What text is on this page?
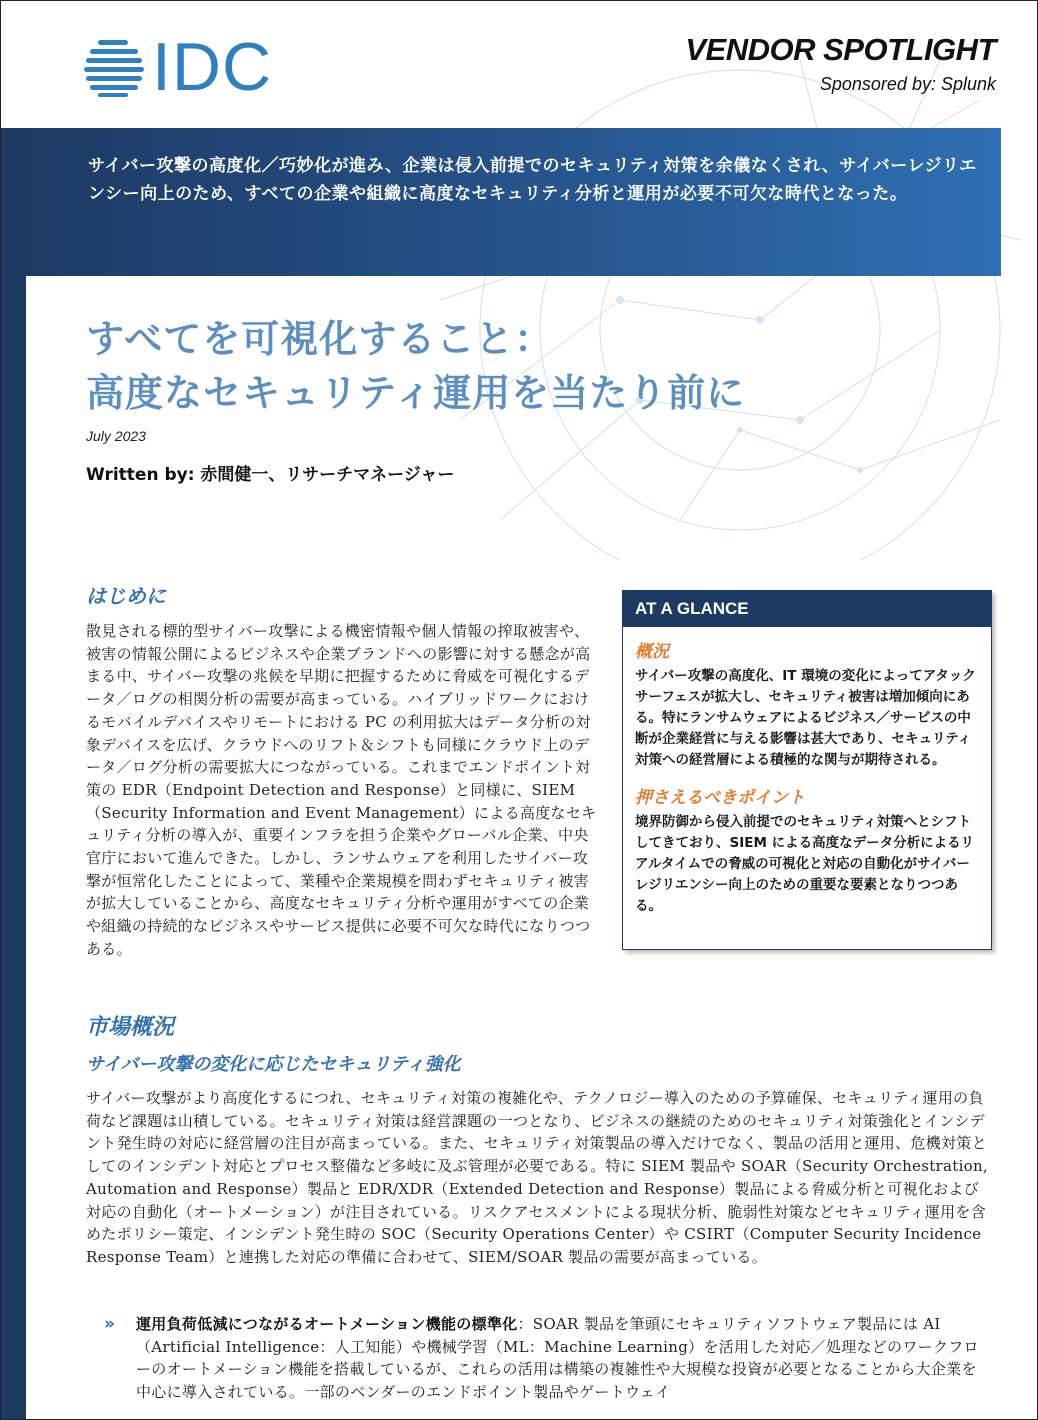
IDC	VENDOR SPOTLIGHT
Sponsored by: Splunk
サイバー攻撃の高度化／巧妙化が進み、企業は侵入前提でのセキュリティ対策を余儀なくされ、サイバーレジリエンシー向上のため、すべての企業や組織に高度なセキュリティ分析と運用が必要不可欠な時代となった。
すべてを可視化すること：
高度なセキュリティ運用を当たり前に
July 2023
Written by: 赤間健一、リサーチマネージャー
はじめに
散見される標的型サイバー攻撃による機密情報や個人情報の搾取被害や、被害の情報公開によるビジネスや企業ブランドへの影響に対する懸念が高まる中、サイバー攻撃の兆候を早期に把握するために脅威を可視化するデータ／ログの相関分析の需要が高まっている。ハイブリッドワークにおけるモバイルデバイスやリモートにおける PC の利用拡大はデータ分析の対象デバイスを広げ、クラウドへのリフト＆シフトも同様にクラウド上のデータ／ログ分析の需要拡大につながっている。これまでエンドポイント対策の EDR（Endpoint Detection and Response）と同様に、SIEM（Security Information and Event Management）による高度なセキュリティ分析の導入が、重要インフラを担う企業やグローバル企業、中央官庁において進んできた。しかし、ランサムウェアを利用したサイバー攻撃が恒常化したことによって、業種や企業規模を問わずセキュリティ被害が拡大していることから、高度なセキュリティ分析や運用がすべての企業や組織の持続的なビジネスやサービス提供に必要不可欠な時代になりつつある。
AT A GLANCE
概況
サイバー攻撃の高度化、IT 環境の変化によってアタックサーフェスが拡大し、セキュリティ被害は増加傾向にある。特にランサムウェアによるビジネス／サービスの中断が企業経営に与える影響は甚大であり、セキュリティ対策への経営層による積極的な関与が期待される。
押さえるべきポイント
境界防御から侵入前提でのセキュリティ対策へとシフトしてきており、SIEM による高度なデータ分析によるリアルタイムでの脅威の可視化と対応の自動化がサイバーレジリエンシー向上のための重要な要素となりつつある。
市場概況
サイバー攻撃の変化に応じたセキュリティ強化
サイバー攻撃がより高度化するにつれ、セキュリティ対策の複雑化や、テクノロジー導入のための予算確保、セキュリティ運用の負荷など課題は山積している。セキュリティ対策は経営課題の一つとなり、ビジネスの継続のためのセキュリティ対策強化とインシデント発生時の対応に経営層の注目が高まっている。また、セキュリティ対策製品の導入だけでなく、製品の活用と運用、危機対策としてのインシデント対応とプロセス整備など多岐に及ぶ管理が必要である。特に SIEM 製品や SOAR（Security Orchestration, Automation and Response）製品と EDR/XDR（Extended Detection and Response）製品による脅威分析と可視化および対応の自動化（オートメーション）が注目されている。リスクアセスメントによる現状分析、脆弱性対策などセキュリティ運用を含めたポリシー策定、インシデント発生時の SOC（Security Operations Center）や CSIRT（Computer Security Incidence Response Team）と連携した対応の準備に合わせて、SIEM/SOAR 製品の需要が高まっている。
» 運用負荷低減につながるオートメーション機能の標準化：SOAR 製品を筆頭にセキュリティソフトウェア製品には AI（Artificial Intelligence：人工知能）や機械学習（ML：Machine Learning）を活用した対応／処理などのワークフローのオートメーション機能を搭載しているが、これらの活用は構築の複雑性や大規模な投資が必要となることから大企業を中心に導入されている。一部のベンダーのエンドポイント製品やゲートウェイ
